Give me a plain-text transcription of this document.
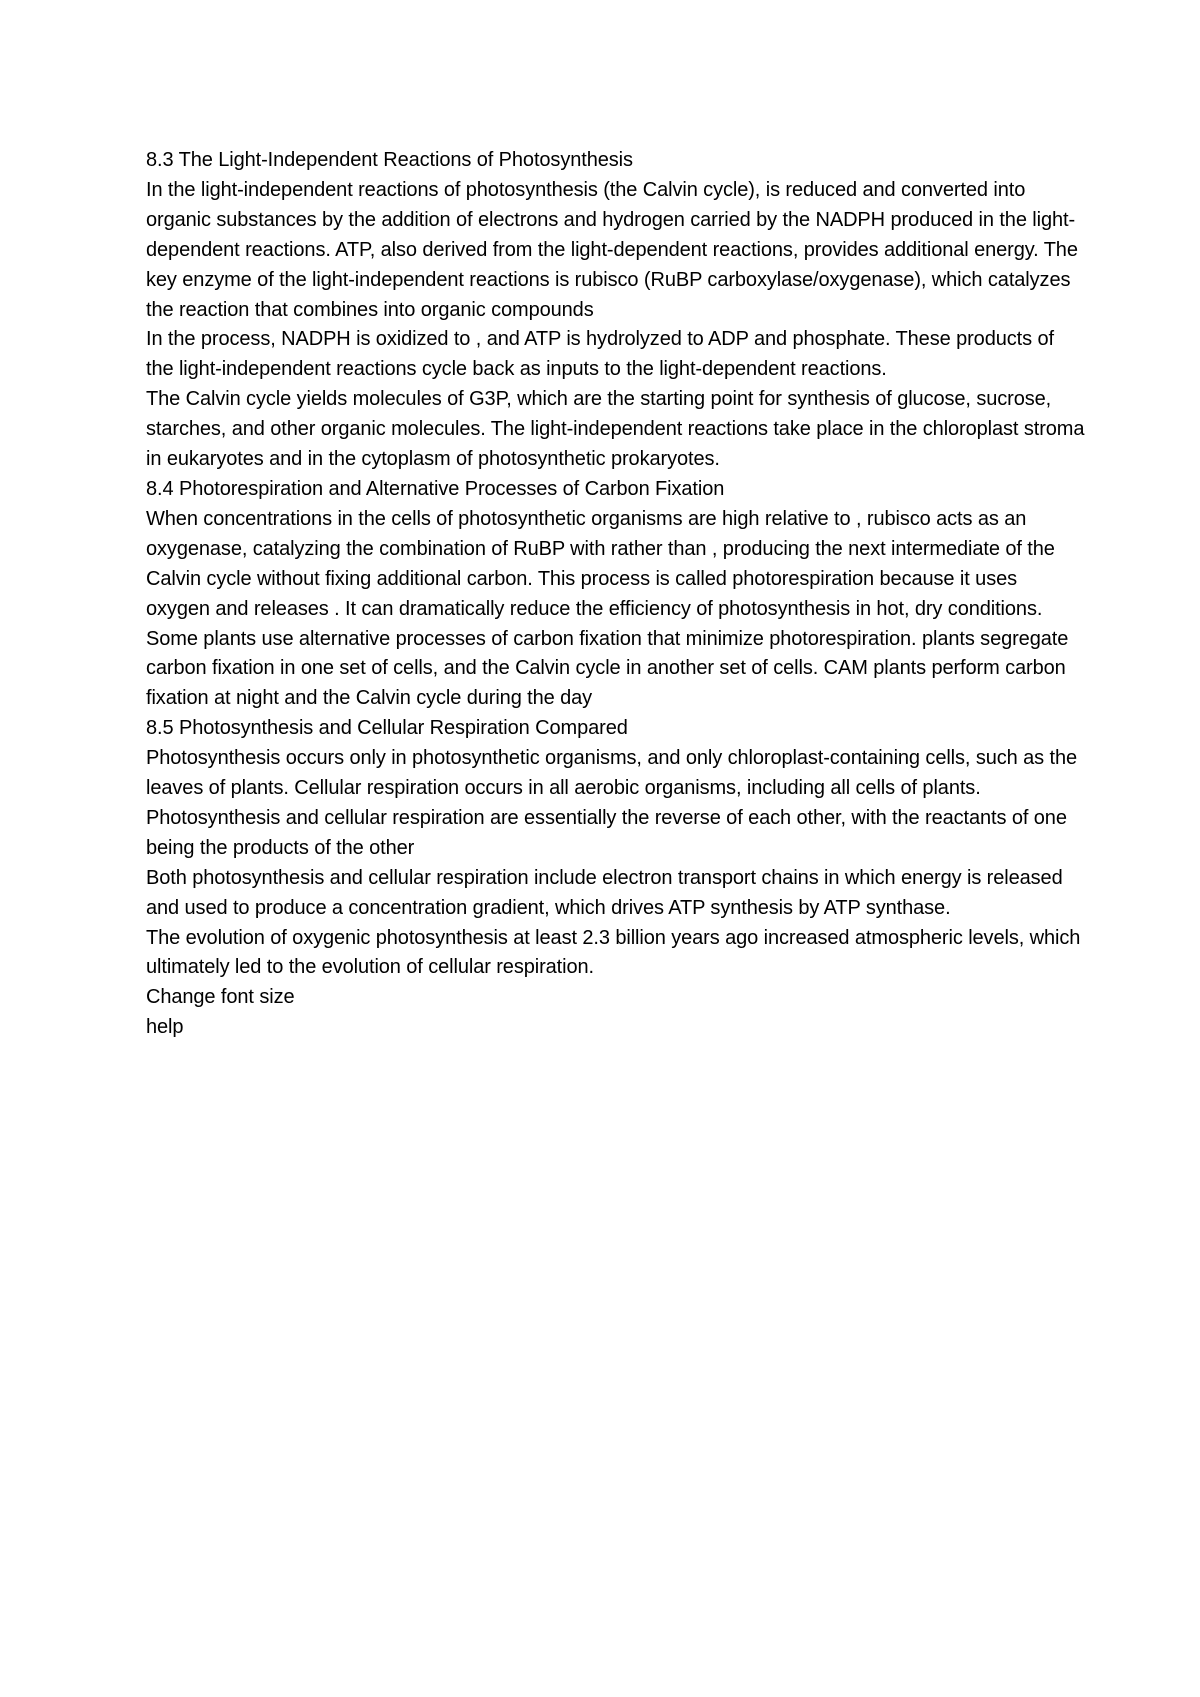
8.3 The Light-Independent Reactions of Photosynthesis

In the light-independent reactions of photosynthesis (the Calvin cycle), is reduced and converted into organic substances by the addition of electrons and hydrogen carried by the NADPH produced in the light-dependent reactions. ATP, also derived from the light-dependent reactions, provides additional energy. The key enzyme of the light-independent reactions is rubisco (RuBP carboxylase/oxygenase), which catalyzes the reaction that combines into organic compounds

In the process, NADPH is oxidized to , and ATP is hydrolyzed to ADP and phosphate. These products of the light-independent reactions cycle back as inputs to the light-dependent reactions.

The Calvin cycle yields molecules of G3P, which are the starting point for synthesis of glucose, sucrose, starches, and other organic molecules. The light-independent reactions take place in the chloroplast stroma in eukaryotes and in the cytoplasm of photosynthetic prokaryotes.

8.4 Photorespiration and Alternative Processes of Carbon Fixation

When concentrations in the cells of photosynthetic organisms are high relative to , rubisco acts as an oxygenase, catalyzing the combination of RuBP with rather than , producing the next intermediate of the Calvin cycle without fixing additional carbon. This process is called photorespiration because it uses oxygen and releases . It can dramatically reduce the efficiency of photosynthesis in hot, dry conditions.

Some plants use alternative processes of carbon fixation that minimize photorespiration. plants segregate carbon fixation in one set of cells, and the Calvin cycle in another set of cells. CAM plants perform carbon fixation at night and the Calvin cycle during the day

8.5 Photosynthesis and Cellular Respiration Compared

Photosynthesis occurs only in photosynthetic organisms, and only chloroplast-containing cells, such as the leaves of plants. Cellular respiration occurs in all aerobic organisms, including all cells of plants.

Photosynthesis and cellular respiration are essentially the reverse of each other, with the reactants of one being the products of the other

Both photosynthesis and cellular respiration include electron transport chains in which energy is released and used to produce a concentration gradient, which drives ATP synthesis by ATP synthase.

The evolution of oxygenic photosynthesis at least 2.3 billion years ago increased atmospheric levels, which ultimately led to the evolution of cellular respiration.

Change font size

help
